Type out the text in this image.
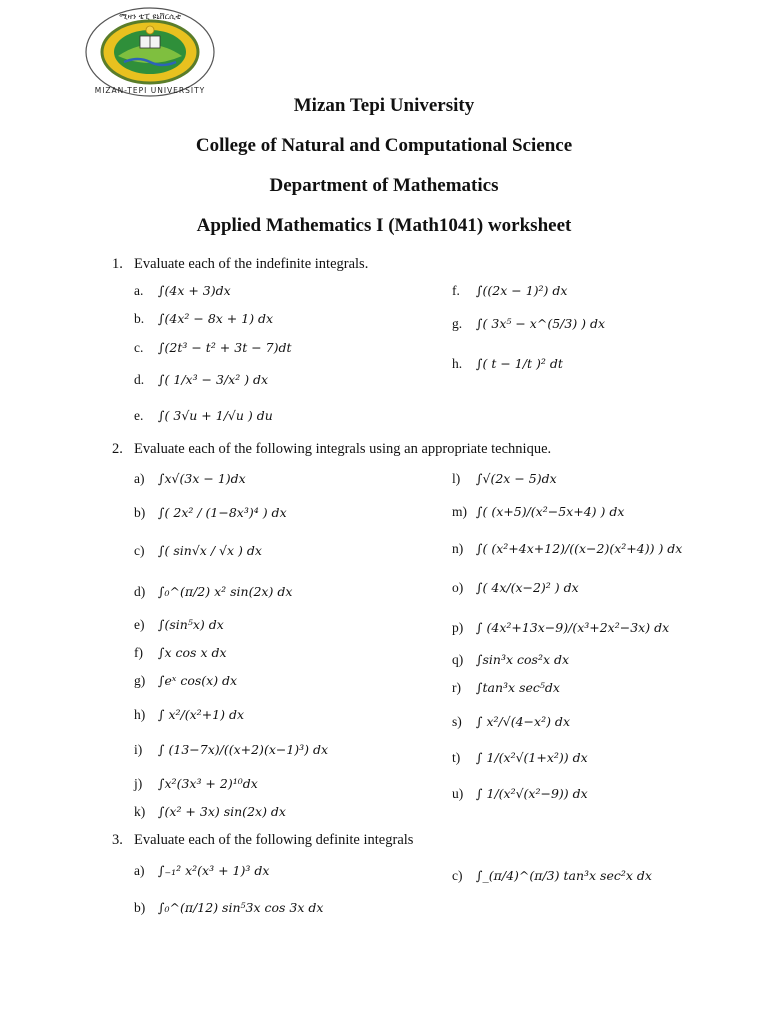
ሚዛን ቴፒ ዩኒቨርሲቲ
MIZAN-TEPI UNIVERSITY
Mizan Tepi University
College of Natural and Computational Science
Department of Mathematics
Applied Mathematics I (Math1041) worksheet
1. Evaluate each of the indefinite integrals.
a. ∫(4x + 3)dx
b. ∫(4x² − 8x + 1) dx
c. ∫(2t³ − t² + 3t − 7)dt
d. ∫( 1/x³ − 3/x² ) dx
e. ∫( 3√u + 1/√u ) du
f. ∫((2x − 1)²) dx
g. ∫( 3x⁵ − x^(5/3) ) dx
h. ∫( t − 1/t )² dt
2. Evaluate each of the following integrals using an appropriate technique.
a) ∫x√(3x − 1)dx
b) ∫( 2x² / (1−8x³)⁴ ) dx
c) ∫( sin√x / √x ) dx
d) ∫₀^(π/2) x² sin(2x) dx
e) ∫(sin⁵x) dx
f) ∫x cos x dx
g) ∫eˣ cos(x) dx
h) ∫ x²/(x²+1) dx
i) ∫ (13−7x)/((x+2)(x−1)³) dx
j) ∫x²(3x³ + 2)¹⁰dx
k) ∫(x² + 3x) sin(2x) dx
l) ∫√(2x − 5)dx
m) ∫( (x+5)/(x²−5x+4) ) dx
n) ∫( (x²+4x+12)/((x−2)(x²+4)) ) dx
o) ∫( 4x/(x−2)² ) dx
p) ∫ (4x²+13x−9)/(x³+2x²−3x) dx
q) ∫sin³x cos²x dx
r) ∫tan³x sec⁵dx
s) ∫ x²/√(4−x²) dx
t) ∫ 1/(x²√(1+x²)) dx
u) ∫ 1/(x²√(x²−9)) dx
3. Evaluate each of the following definite integrals
a) ∫₋₁² x²(x³ + 1)³ dx
b) ∫₀^(π/12) sin⁵3x cos 3x dx
c) ∫_(π/4)^(π/3) tan³x sec²x dx
